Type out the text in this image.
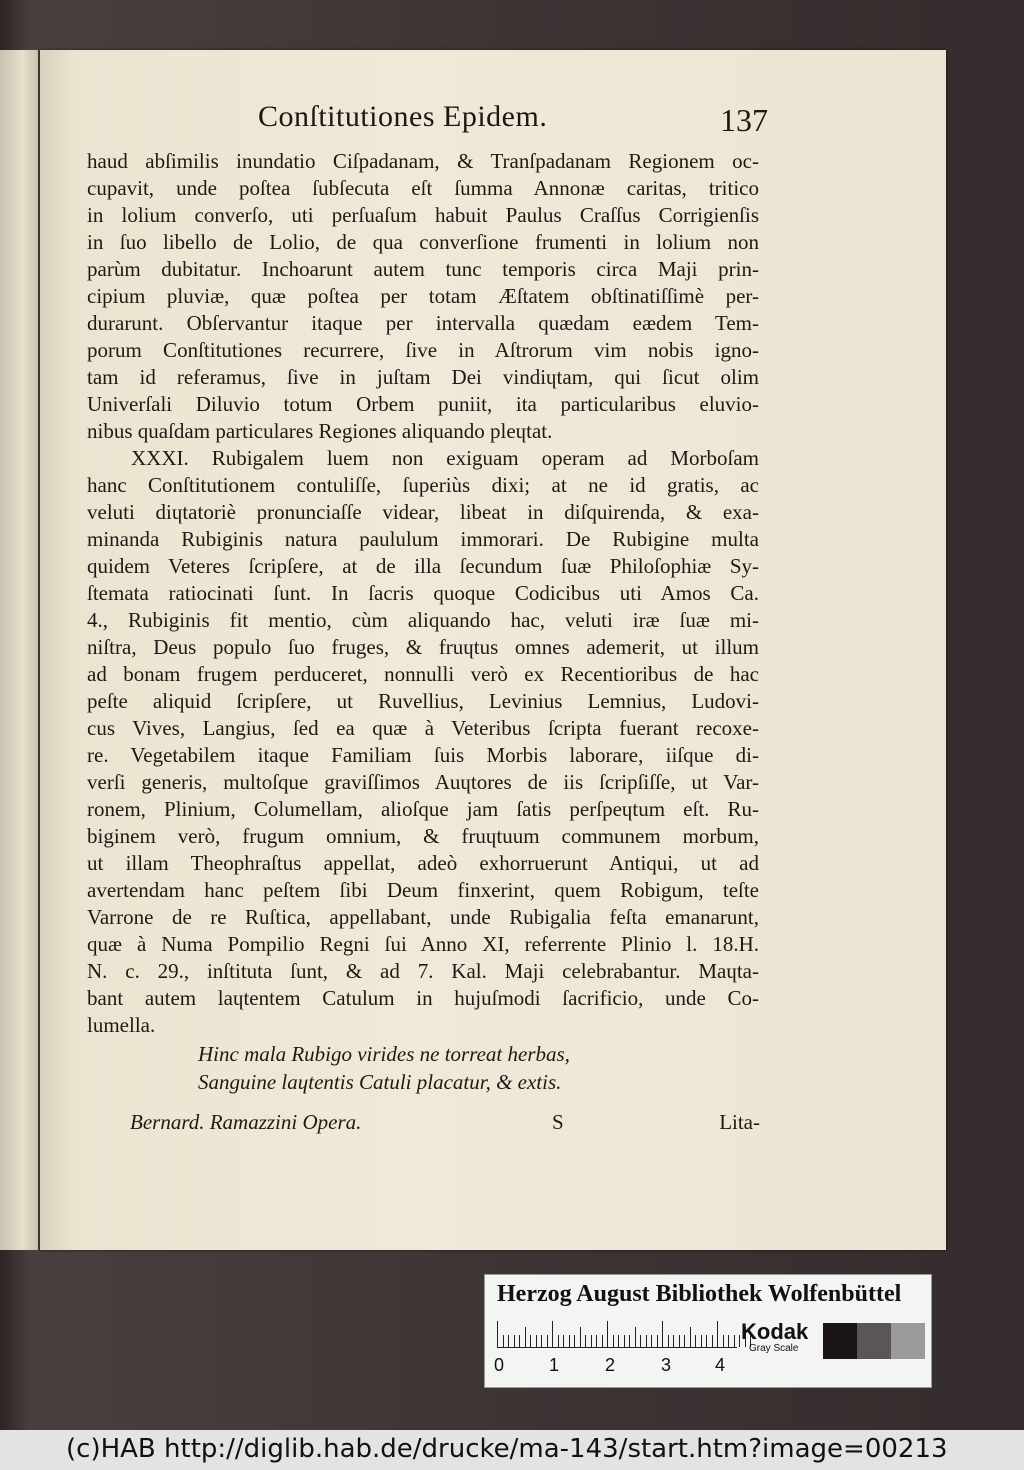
Conſtitutiones Epidem.	137
haud abſimilis inundatio Ciſpadanam, & Tranſpadanam Regionem oc-
cupavit, unde poſtea ſubſecuta eſt ſumma Annonæ caritas, tritico
in lolium converſo, uti perſuaſum habuit Paulus Craſſus Corrigienſis
in ſuo libello de Lolio, de qua converſione frumenti in lolium non
parùm dubitatur. Inchoarunt autem tunc temporis circa Maji prin-
cipium pluviæ, quæ poſtea per totam Æſtatem obſtinatiſſimè per-
durarunt. Obſervantur itaque per intervalla quædam eædem Tem-
porum Conſtitutiones recurrere, ſive in Aſtrorum vim nobis igno-
tam id referamus, ſive in juſtam Dei vindiɥtam, qui ſicut olim
Univerſali Diluvio totum Orbem puniit, ita particularibus eluvio-
nibus quaſdam particulares Regiones aliquando pleɥtat.
XXXI. Rubigalem luem non exiguam operam ad Morboſam
hanc Conſtitutionem contuliſſe, ſuperiùs dixi; at ne id gratis, ac
veluti diɥtatoriè pronunciaſſe videar, libeat in diſquirenda, & exa-
minanda Rubiginis natura paululum immorari. De Rubigine multa
quidem Veteres ſcripſere, at de illa ſecundum ſuæ Philoſophiæ Sy-
ſtemata ratiocinati ſunt. In ſacris quoque Codicibus uti Amos Ca.
4., Rubiginis fit mentio, cùm aliquando hac, veluti iræ ſuæ mi-
niſtra, Deus populo ſuo fruges, & fruɥtus omnes ademerit, ut illum
ad bonam frugem perduceret, nonnulli verò ex Recentioribus de hac
peſte aliquid ſcripſere, ut Ruvellius, Levinius Lemnius, Ludovi-
cus Vives, Langius, ſed ea quæ à Veteribus ſcripta fuerant recoxe-
re. Vegetabilem itaque Familiam ſuis Morbis laborare, iiſque di-
verſi generis, multoſque graviſſimos Auɥtores de iis ſcripſiſſe, ut Var-
ronem, Plinium, Columellam, alioſque jam ſatis perſpeɥtum eſt. Ru-
biginem verò, frugum omnium, & fruɥtuum communem morbum,
ut illam Theophraſtus appellat, adeò exhorruerunt Antiqui, ut ad
avertendam hanc peſtem ſibi Deum finxerint, quem Robigum, teſte
Varrone de re Ruſtica, appellabant, unde Rubigalia feſta emanarunt,
quæ à Numa Pompilio Regni ſui Anno XI, referrente Plinio l. 18.H.
N. c. 29., inſtituta ſunt, & ad 7. Kal. Maji celebrabantur. Maɥta-
bant autem laɥtentem Catulum in hujuſmodi ſacrificio, unde Co-
lumella.
Hinc mala Rubigo virides ne torreat herbas,
Sanguine laɥtentis Catuli placatur, & extis.
Bernard. Ramazzini Opera.	S	Lita-
Herzog August Bibliothek Wolfenbüttel
0 1	2	3 4
Kodak
Gray Scale
(c)HAB http://diglib.hab.de/drucke/ma-143/start.htm?image=00213
